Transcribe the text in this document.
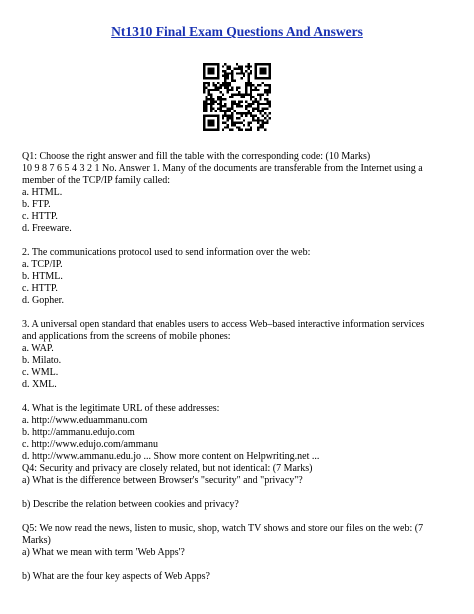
Nt1310 Final Exam Questions And Answers
Q1: Choose the right answer and fill the table with the corresponding code: (10 Marks)
10 9 8 7 6 5 4 3 2 1 No. Answer 1. Many of the documents are transferable from the Internet using a
member of the TCP/IP family called:
a. HTML.
b. FTP.
c. HTTP.
d. Freeware.
2. The communications protocol used to send information over the web:
a. TCP/IP.
b. HTML.
c. HTTP.
d. Gopher.
3. A universal open standard that enables users to access Web–based interactive information services
and applications from the screens of mobile phones:
a. WAP.
b. Milato.
c. WML.
d. XML.
4. What is the legitimate URL of these addresses:
a. http://www.eduammanu.com
b. http://ammanu.edujo.com
c. http://www.edujo.com/ammanu
d. http://www.ammanu.edu.jo ... Show more content on Helpwriting.net ...
Q4: Security and privacy are closely related, but not identical: (7 Marks)
a) What is the difference between Browser's "security" and "privacy"?
b) Describe the relation between cookies and privacy?
Q5: We now read the news, listen to music, shop, watch TV shows and store our files on the web: (7
Marks)
a) What we mean with term 'Web Apps'?
b) What are the four key aspects of Web Apps?
